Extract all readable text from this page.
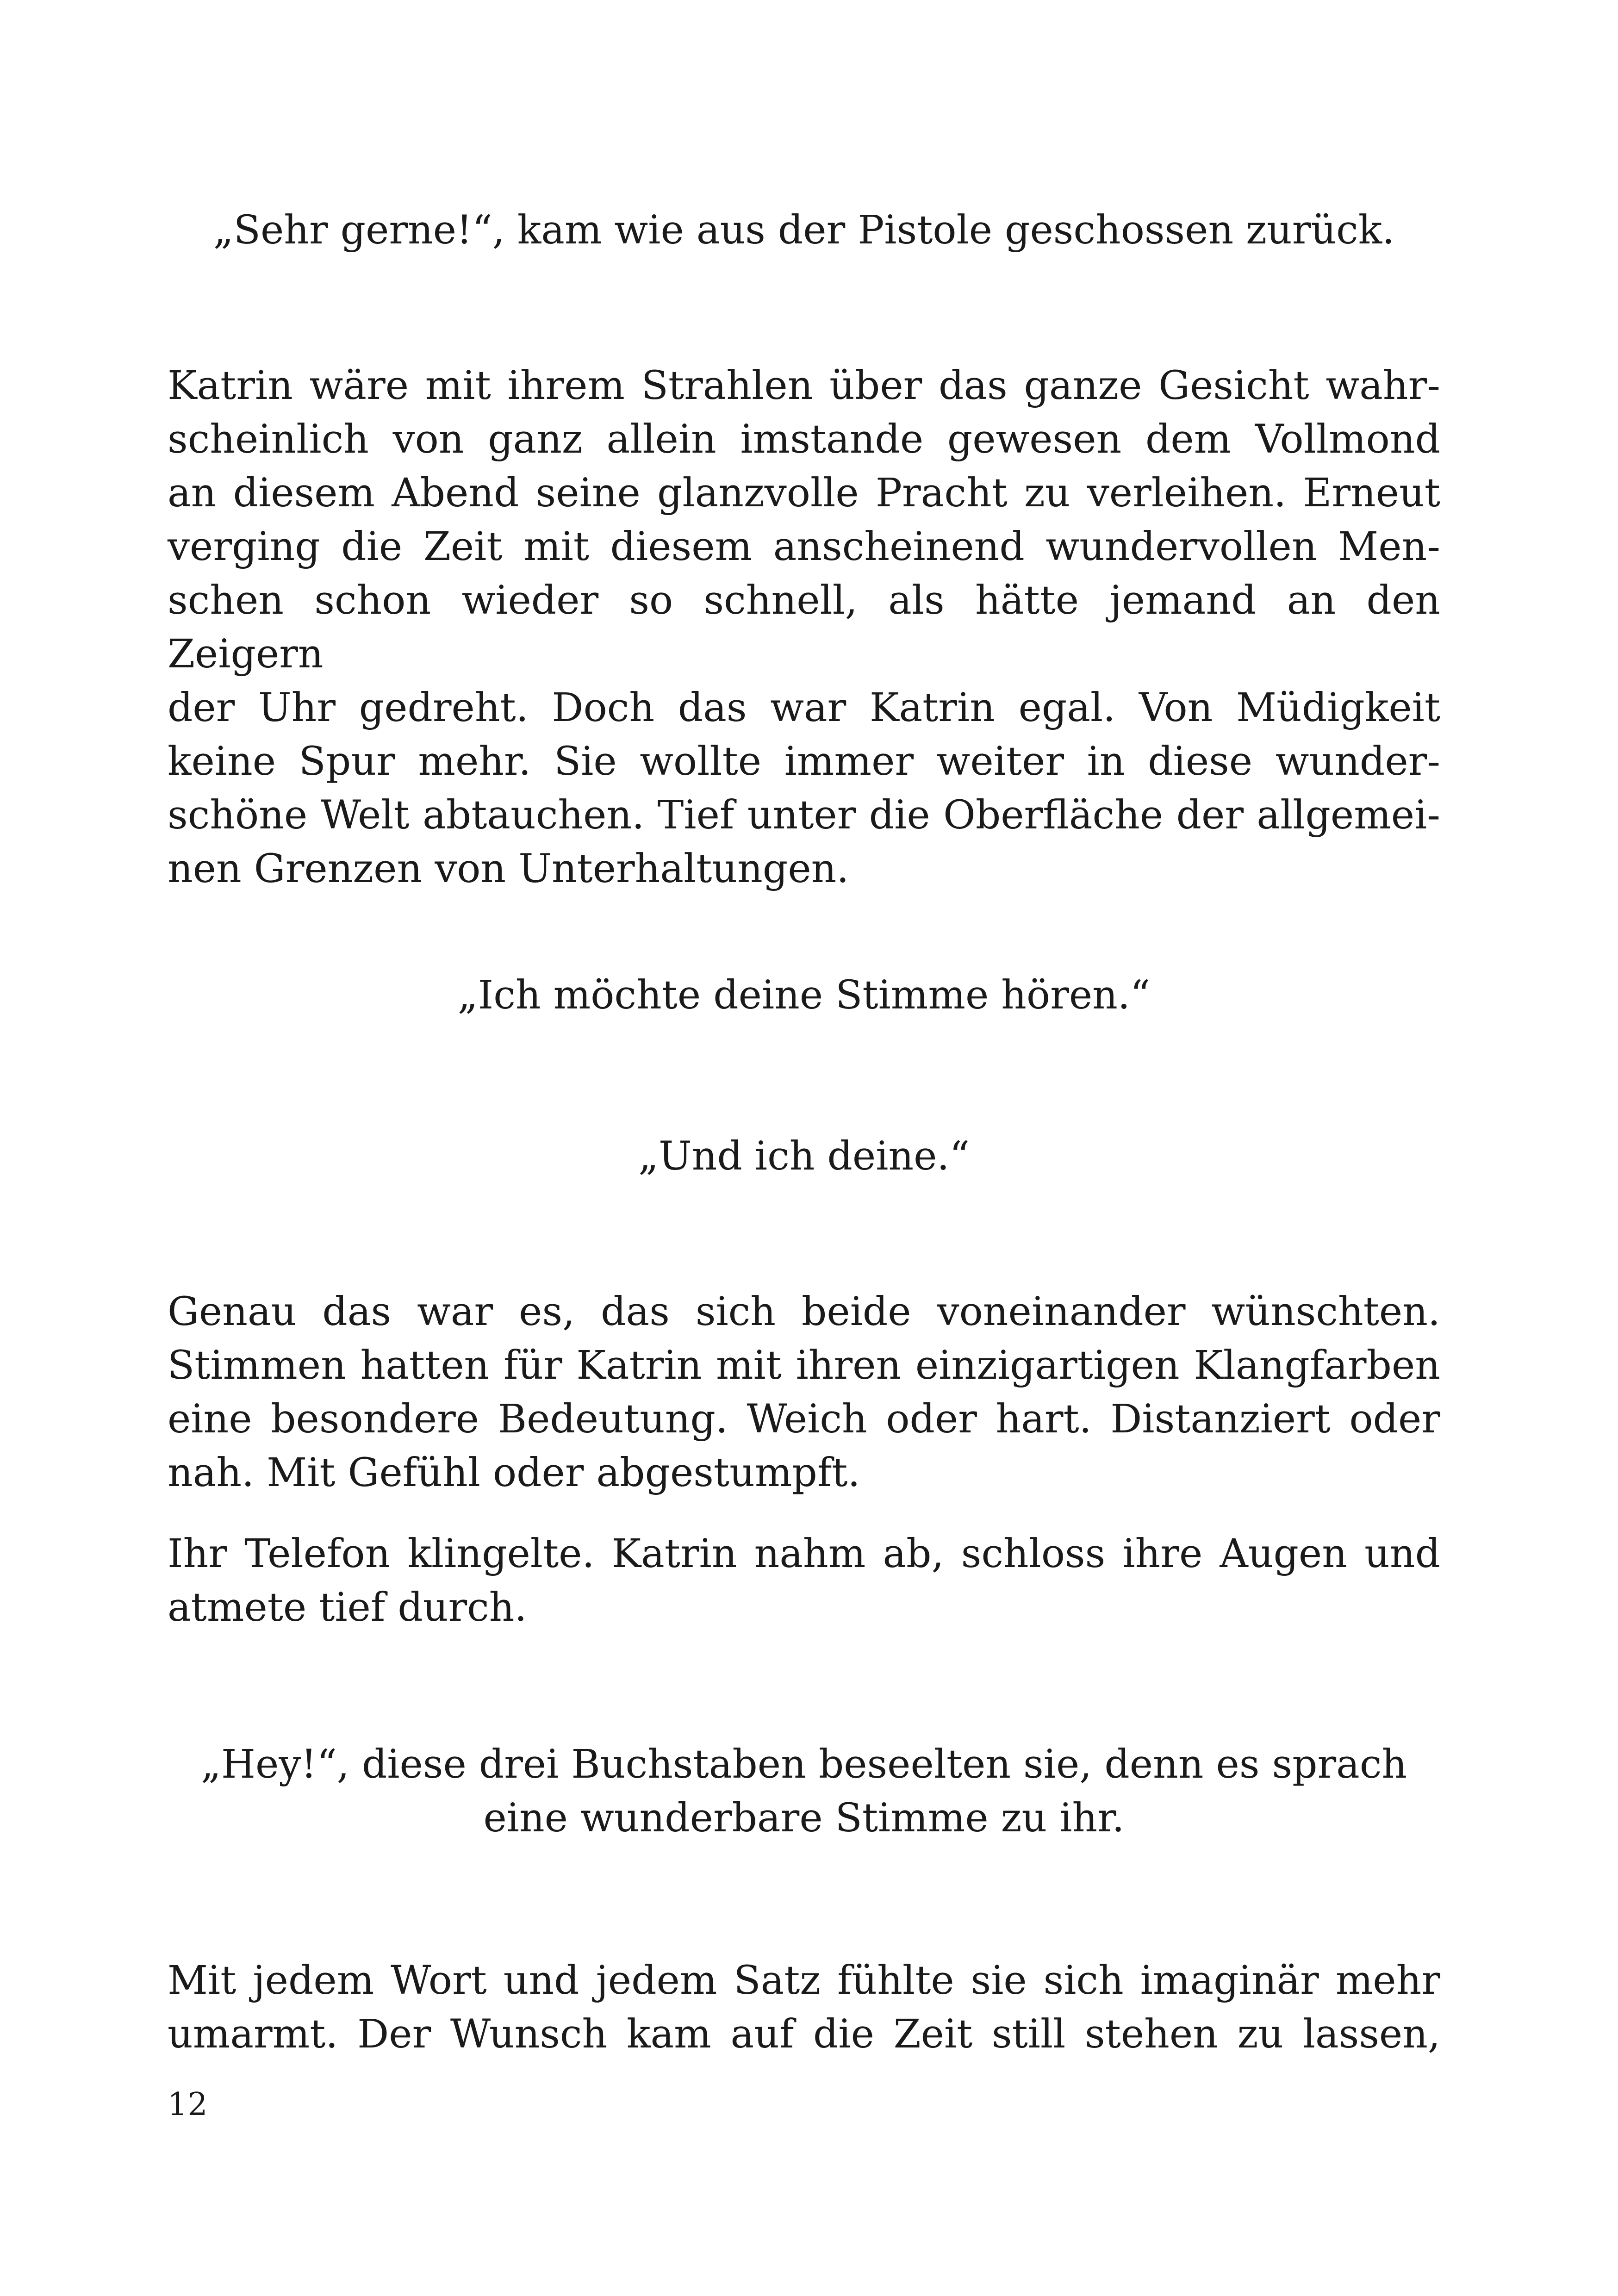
„Sehr gerne!“, kam wie aus der Pistole geschossen zurück.

Katrin wäre mit ihrem Strahlen über das ganze Gesicht wahr-
scheinlich von ganz allein imstande gewesen dem Vollmond
an diesem Abend seine glanzvolle Pracht zu verleihen. Erneut
verging die Zeit mit diesem anscheinend wundervollen Men-
schen schon wieder so schnell, als hätte jemand an den Zeigern
der Uhr gedreht. Doch das war Katrin egal. Von Müdigkeit
keine Spur mehr. Sie wollte immer weiter in diese wunder-
schöne Welt abtauchen. Tief unter die Oberfläche der allgemei-
nen Grenzen von Unterhaltungen.

„Ich möchte deine Stimme hören.“

„Und ich deine.“

Genau das war es, das sich beide voneinander wünschten.
Stimmen hatten für Katrin mit ihren einzigartigen Klangfarben
eine besondere Bedeutung. Weich oder hart. Distanziert oder
nah. Mit Gefühl oder abgestumpft.

Ihr Telefon klingelte. Katrin nahm ab, schloss ihre Augen und
atmete tief durch.

„Hey!“, diese drei Buchstaben beseelten sie, denn es sprach
eine wunderbare Stimme zu ihr.

Mit jedem Wort und jedem Satz fühlte sie sich imaginär mehr
umarmt. Der Wunsch kam auf die Zeit still stehen zu lassen,

12
